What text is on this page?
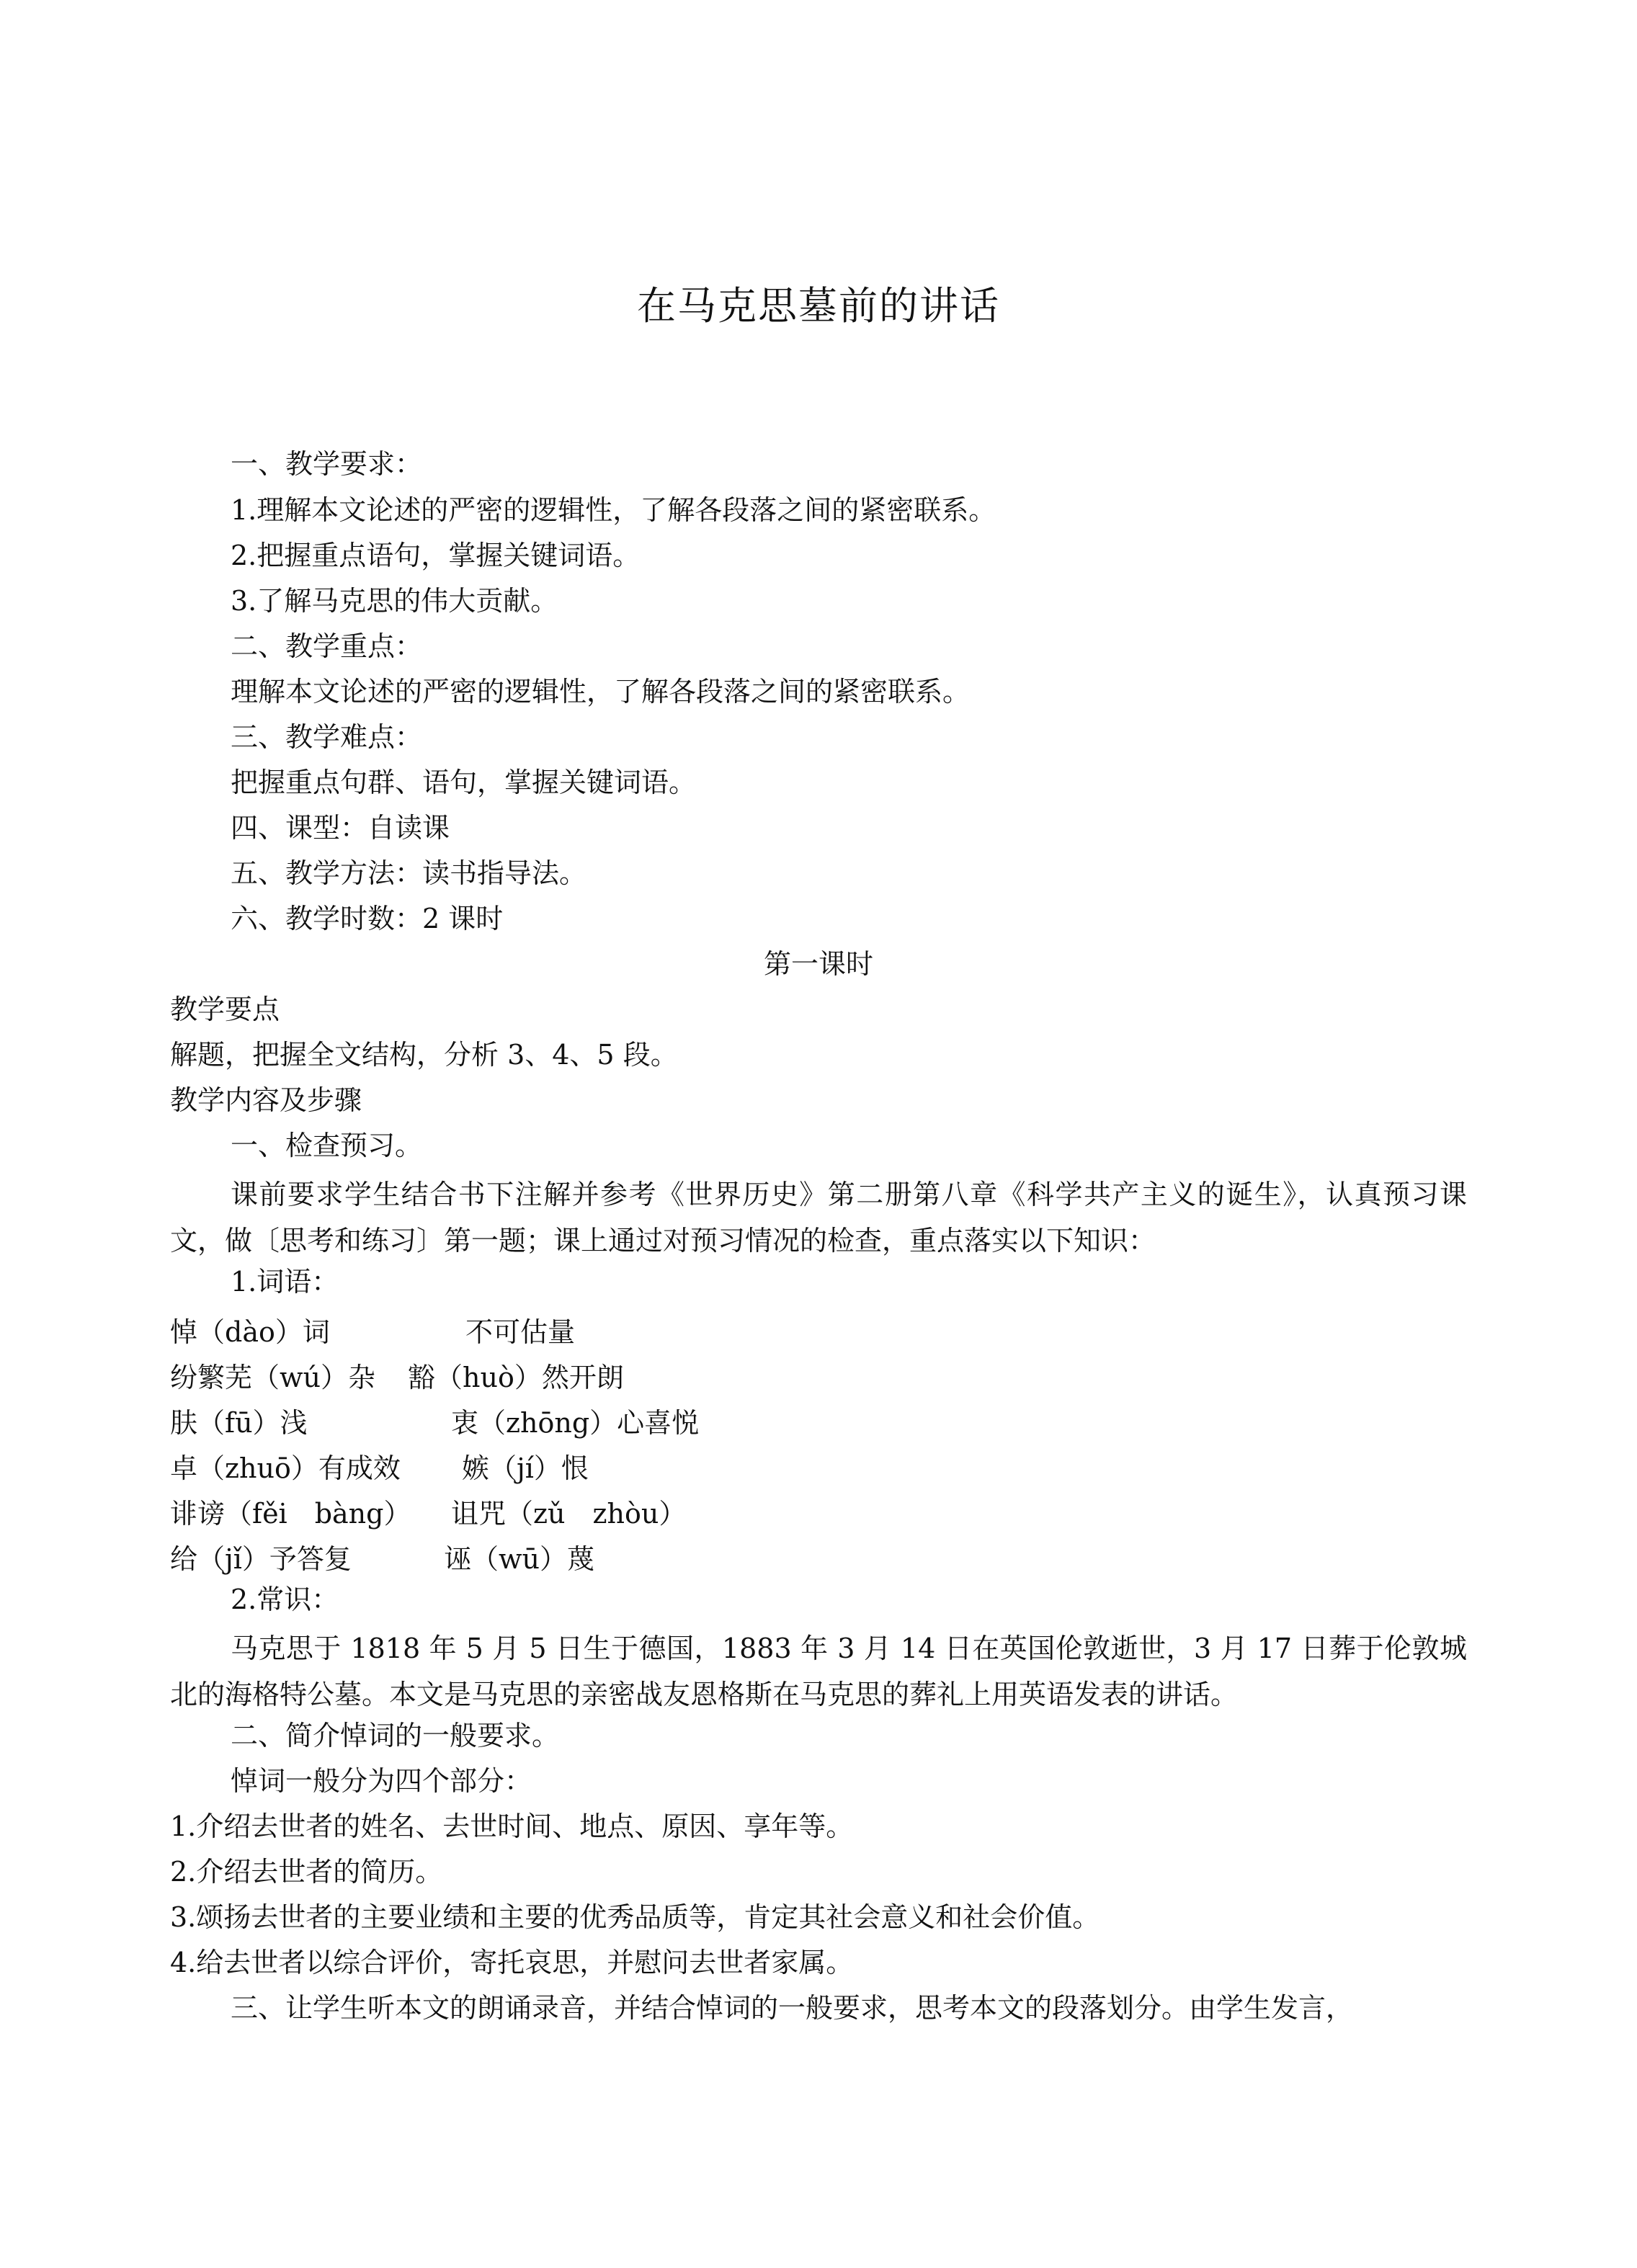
在马克思墓前的讲话
一、教学要求：
1.理解本文论述的严密的逻辑性，了解各段落之间的紧密联系。
2.把握重点语句，掌握关键词语。
3.了解马克思的伟大贡献。
二、教学重点：
理解本文论述的严密的逻辑性，了解各段落之间的紧密联系。
三、教学难点：
把握重点句群、语句，掌握关键词语。
四、课型：自读课
五、教学方法：读书指导法。
六、教学时数：2 课时
第一课时
教学要点
解题，把握全文结构，分析 3、4、5 段。
教学内容及步骤
一、检查预习。
课前要求学生结合书下注解并参考《世界历史》第二册第八章《科学共产主义的诞生》，认真预习课文，做〔思考和练习〕第一题；课上通过对预习情况的检查，重点落实以下知识：
1.词语：
悼（dào）词	不可估量
纷繁芜（wú）杂	豁（huò）然开朗
肤（fū）浅	衷（zhōng）心喜悦
卓（zhuō）有成效	嫉（jí）恨
诽谤（fěi　bàng）	诅咒（zǔ　zhòu）
给（jǐ）予答复	诬（wū）蔑
2.常识：
马克思于 1818 年 5 月 5 日生于德国，1883 年 3 月 14 日在英国伦敦逝世，3 月 17 日葬于伦敦城北的海格特公墓。本文是马克思的亲密战友恩格斯在马克思的葬礼上用英语发表的讲话。
二、简介悼词的一般要求。
悼词一般分为四个部分：
1.介绍去世者的姓名、去世时间、地点、原因、享年等。
2.介绍去世者的简历。
3.颂扬去世者的主要业绩和主要的优秀品质等，肯定其社会意义和社会价值。
4.给去世者以综合评价，寄托哀思，并慰问去世者家属。
三、让学生听本文的朗诵录音，并结合悼词的一般要求，思考本文的段落划分。由学生发言，
